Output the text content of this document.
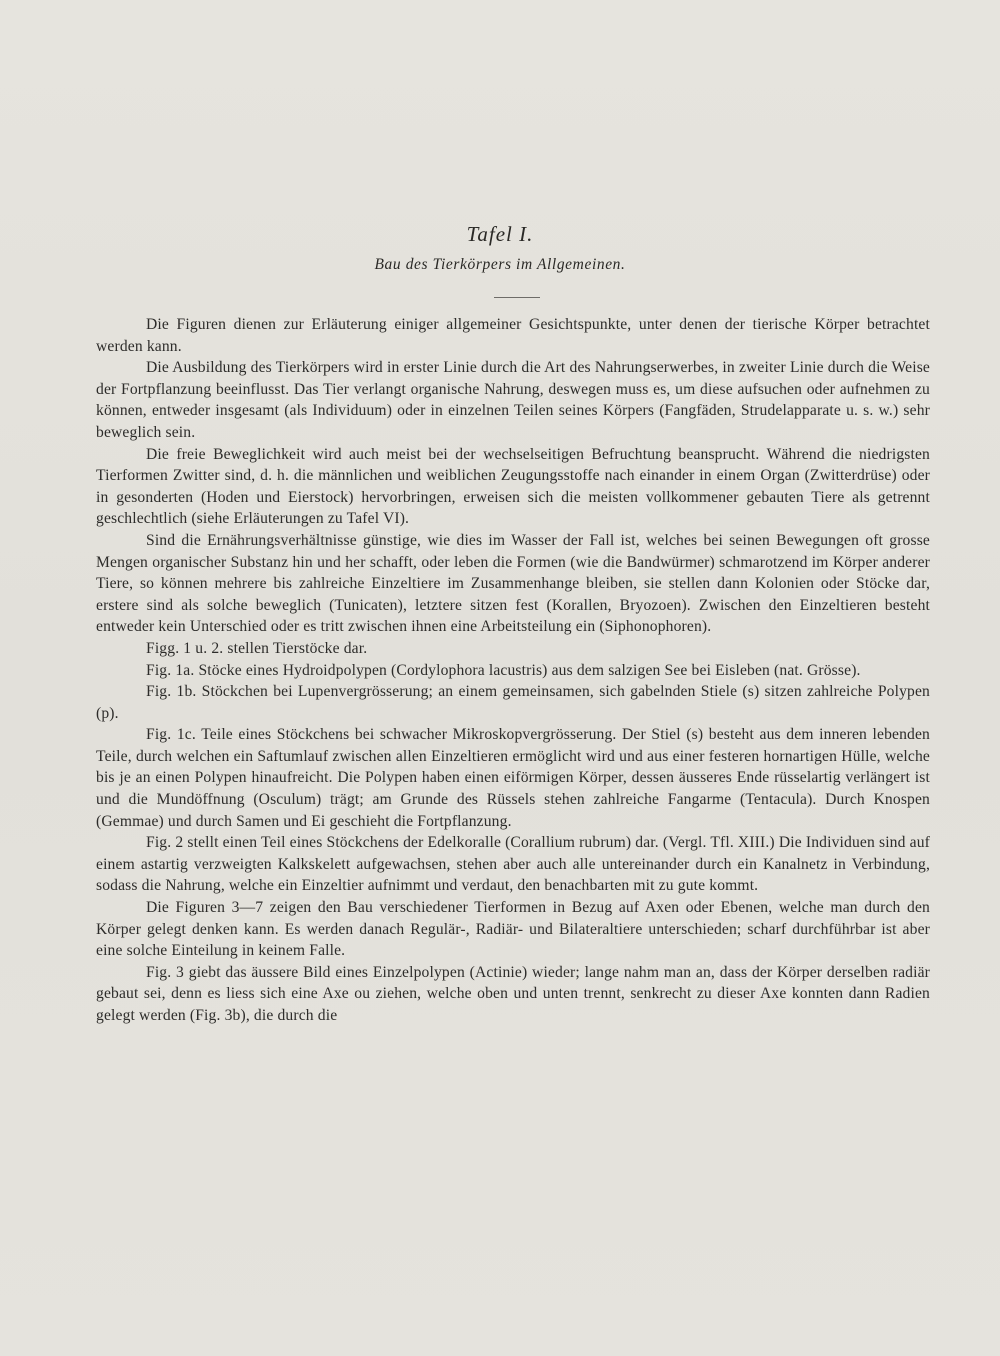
Tafel I.
Bau des Tierkörpers im Allgemeinen.

Die Figuren dienen zur Erläuterung einiger allgemeiner Gesichtspunkte, unter denen der tierische Körper betrachtet werden kann.

Die Ausbildung des Tierkörpers wird in erster Linie durch die Art des Nahrungserwerbes, in zweiter Linie durch die Weise der Fortpflanzung beeinflusst. Das Tier verlangt organische Nahrung, deswegen muss es, um diese aufsuchen oder aufnehmen zu können, entweder insgesamt (als Individuum) oder in einzelnen Teilen seines Körpers (Fangfäden, Strudelapparate u. s. w.) sehr beweglich sein.

Die freie Beweglichkeit wird auch meist bei der wechselseitigen Befruchtung beansprucht. Während die niedrigsten Tierformen Zwitter sind, d. h. die männlichen und weiblichen Zeugungsstoffe nach einander in einem Organ (Zwitterdrüse) oder in gesonderten (Hoden und Eierstock) hervorbringen, erweisen sich die meisten vollkommener gebauten Tiere als getrennt geschlechtlich (siehe Erläuterungen zu Tafel VI).

Sind die Ernährungsverhältnisse günstige, wie dies im Wasser der Fall ist, welches bei seinen Bewegungen oft grosse Mengen organischer Substanz hin und her schafft, oder leben die Formen (wie die Bandwürmer) schmarotzend im Körper anderer Tiere, so können mehrere bis zahlreiche Einzeltiere im Zusammenhange bleiben, sie stellen dann Kolonien oder Stöcke dar, erstere sind als solche beweglich (Tunicaten), letztere sitzen fest (Korallen, Bryozoen). Zwischen den Einzeltieren besteht entweder kein Unterschied oder es tritt zwischen ihnen eine Arbeitsteilung ein (Siphonophoren).

Figg. 1 u. 2. stellen Tierstöcke dar.

Fig. 1a. Stöcke eines Hydroidpolypen (Cordylophora lacustris) aus dem salzigen See bei Eisleben (nat. Grösse).

Fig. 1b. Stöckchen bei Lupenvergrösserung; an einem gemeinsamen, sich gabelnden Stiele (s) sitzen zahlreiche Polypen (p).

Fig. 1c. Teile eines Stöckchens bei schwacher Mikroskopvergrösserung. Der Stiel (s) besteht aus dem inneren lebenden Teile, durch welchen ein Saftumlauf zwischen allen Einzeltieren ermöglicht wird und aus einer festeren hornartigen Hülle, welche bis je an einen Polypen hinaufreicht. Die Polypen haben einen eiförmigen Körper, dessen äusseres Ende rüsselartig verlängert ist und die Mundöffnung (Osculum) trägt; am Grunde des Rüssels stehen zahlreiche Fangarme (Tentacula). Durch Knospen (Gemmae) und durch Samen und Ei geschieht die Fortpflanzung.

Fig. 2 stellt einen Teil eines Stöckchens der Edelkoralle (Corallium rubrum) dar. (Vergl. Tfl. XIII.) Die Individuen sind auf einem astartig verzweigten Kalkskelett aufgewachsen, stehen aber auch alle untereinander durch ein Kanalnetz in Verbindung, sodass die Nahrung, welche ein Einzeltier aufnimmt und verdaut, den benachbarten mit zu gute kommt.

Die Figuren 3—7 zeigen den Bau verschiedener Tierformen in Bezug auf Axen oder Ebenen, welche man durch den Körper gelegt denken kann. Es werden danach Regulär-, Radiär- und Bilateraltiere unterschieden; scharf durchführbar ist aber eine solche Einteilung in keinem Falle.

Fig. 3 giebt das äussere Bild eines Einzelpolypen (Actinie) wieder; lange nahm man an, dass der Körper derselben radiär gebaut sei, denn es liess sich eine Axe ou ziehen, welche oben und unten trennt, senkrecht zu dieser Axe konnten dann Radien gelegt werden (Fig. 3b), die durch die
